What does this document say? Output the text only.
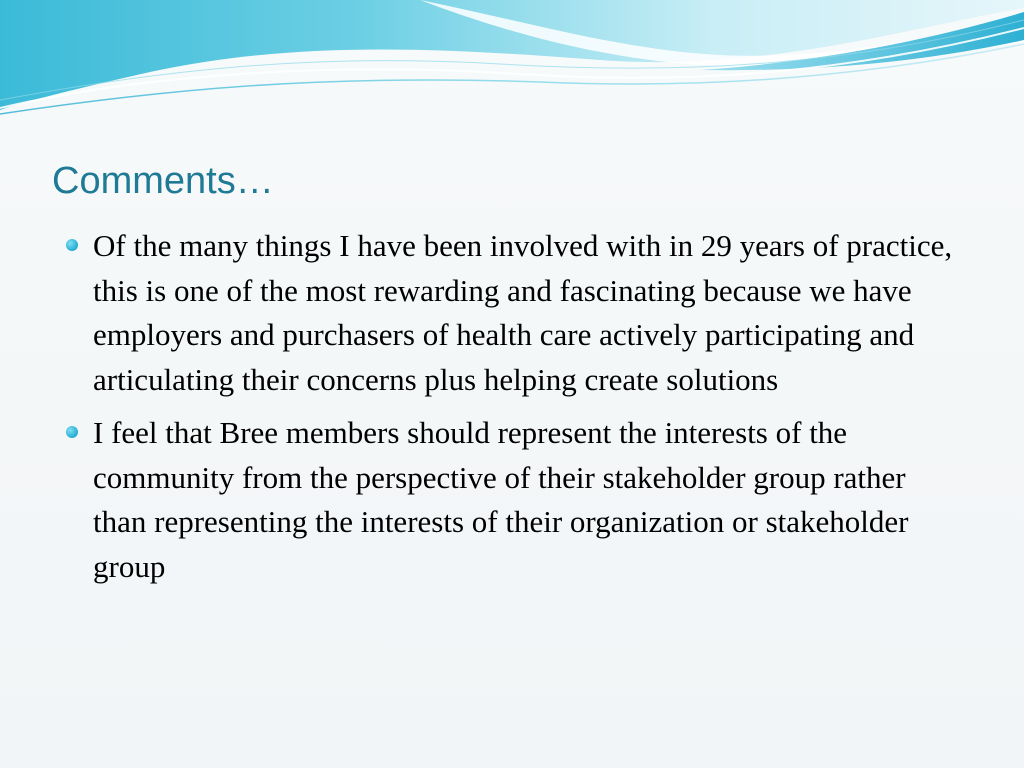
Comments…
Of the many things I have been involved with in 29 years of practice, this is one of the most rewarding and fascinating because we have employers and purchasers of health care actively participating and articulating their concerns plus helping create solutions
I feel that Bree members should represent the interests of the community from the perspective of their stakeholder group rather than representing the interests of their organization or stakeholder group
